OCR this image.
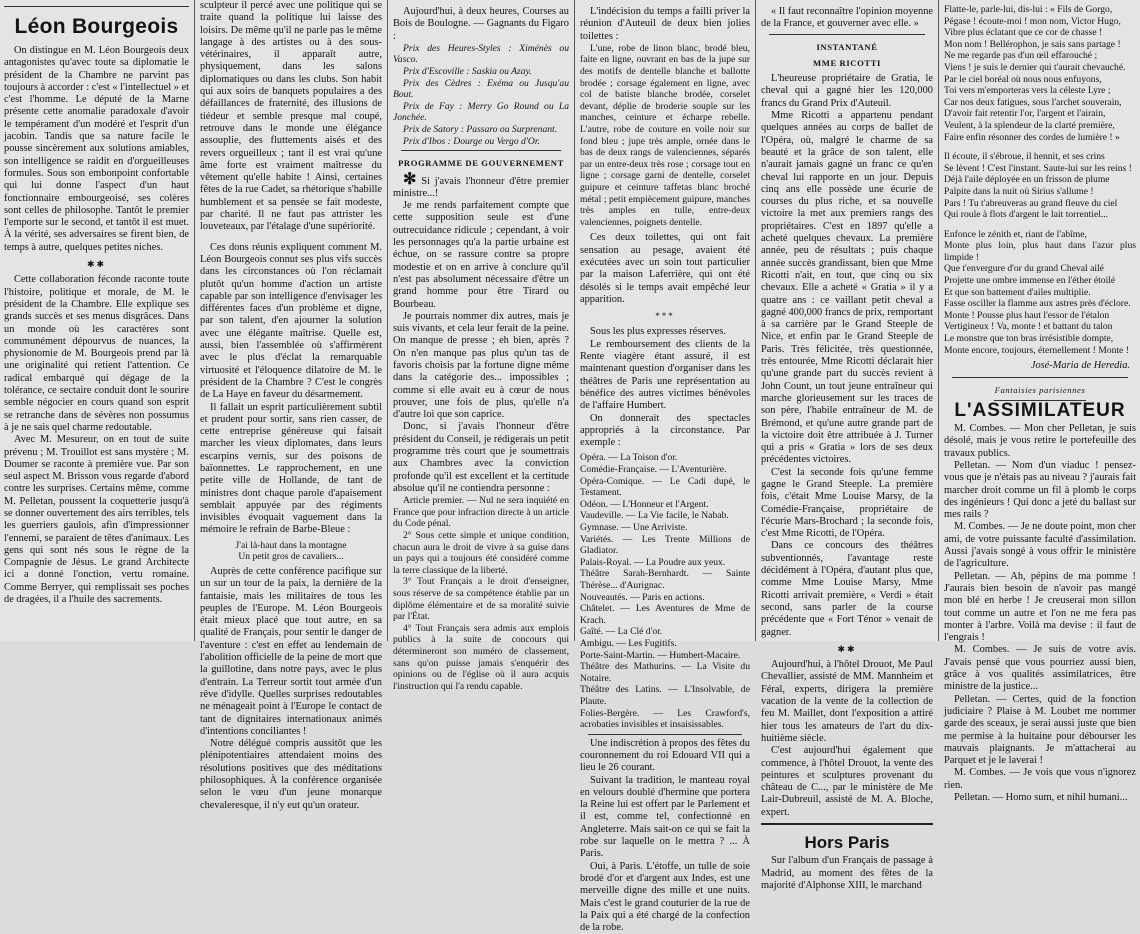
Léon Bourgeois

On distingue en M. Léon Bourgeois deux antagonistes qu'avec toute sa diplomatie le président de la Chambre ne parvint pas toujours à accorder : c'est « l'intellectuel » et c'est l'homme. Le député de la Marne présente cette anomalie paradoxale d'avoir le tempérament d'un modéré et l'esprit d'un jacobin. Tandis que sa nature facile le pousse sincèrement aux solutions amiables, son intelligence se raidit en d'orgueilleuses formules. Sous son embonpoint confortable qui lui donne l'aspect d'un haut fonctionnaire embourgeoisé, ses colères sont celles de philosophe. Tantôt le premier l'emporte sur le second, et tantôt il est muet. À la vérité, ses adversaires se firent bien, de temps à autre, quelques petites niches.

✱✱

Cette collaboration féconde raconte toute l'histoire, politique et morale, de M. le président de la Chambre. Elle explique ses grands succès et ses menus disgrâces. Dans un monde où les caractères sont communément dépourvus de nuances, la physionomie de M. Bourgeois prend par là une originalité qui retient l'attention. Ce radical embarqué qui dégage de la tolérance, ce sectaire conduit dont le sourire semble négocier en cours quand son esprit se retranche dans de sévères non possumus à je ne sais quel charme redoutable.

Avec M. Mesureur, on en tout de suite prévenu ; M. Trouillot est sans mystère ; M. Doumer se raconte à première vue. Par son seul aspect M. Brisson vous regarde d'abord contre les surprises. Certains même, comme M. Pelletan, poussent la coquetterie jusqu'à se donner ouvertement des airs terribles, tels les guerriers gaulois, afin d'impressionner l'ennemi, se paraient de têtes d'animaux. Les gens qui sont nés sous le règne de la Compagnie de Jésus. Le grand Architecte ici a donné l'onction, vertu romaine. Comme Berryer, qui remplissait ses poches de dragées, il a l'huile des sacrements.

sculpteur il percé avec une politique qui se traite quand la politique lui laisse des loisirs. De même qu'il ne parle pas le même langage à des artistes ou à des sous-vétérinaires, il apparaît autre, physiquement, dans les salons diplomatiques ou dans les clubs. Son habit qui aux soirs de banquets populaires a des défaillances de fraternité, des illusions de tiédeur et semble presque mal coupé, retrouve dans le monde une élégance assouplie, des fluttements aisés et des revers orgueilleux ; tant il est vrai qu'une âme forte est vraiment maîtresse du vêtement qu'elle habite ! Ainsi, certaines fêtes de la rue Cadet, sa rhétorique s'habille humblement et sa pensée se fait modeste, par charité. Il ne faut pas attrister les louveteaux, par l'étalage d'une supériorité.

Ces dons réunis expliquent comment M. Léon Bourgeois connut ses plus vifs succès dans les circonstances où l'on réclamait plutôt qu'un homme d'action un artiste capable par son intelligence d'envisager les différentes faces d'un problème et digne, par son talent, d'en ajourner la solution avec une élégante maîtrise. Quelle est, aussi, bien l'assemblée où s'affirmèrent avec le plus d'éclat la remarquable virtuosité et l'éloquence dilatoire de M. le président de la Chambre ? C'est le congrès de La Haye en faveur du désarmement.

Il fallait un esprit particulièrement subtil et prudent pour sortir, sans rien casser, de cette entreprise généreuse qui faisait marcher les vieux diplomates, dans leurs escarpins vernis, sur des poisons de baïonnettes. Le rapprochement, en une petite ville de Hollande, de tant de ministres dont chaque parole d'apaisement semblait appuyée par des régiments invisibles évoquait vaguement dans la mémoire le refrain de Barbe-Bleue :

J'ai là-haut dans la montagne
Un petit gros de cavaliers...

Auprès de cette conférence pacifique sur un sur un tour de la paix, la dernière de la fantaisie, mais les militaires de tous les peuples de l'Europe. M. Léon Bourgeois était mieux placé que tout autre, en sa qualité de Français, pour sentir le danger de l'aventure : c'est en effet au lendemain de l'abolition officielle de la peine de mort que la guillotine, dans notre pays, avec le plus d'entrain. La Terreur sortit tout armée d'un rêve d'idylle. Quelles surprises redoutables ne ménageait point à l'Europe le contact de tant de dignitaires internationaux animés d'intentions conciliantes !

Notre délégué compris aussitôt que les plénipotentiaires attendaient moins des résolutions positives que des méditations philosophiques. À la conférence organisée selon le vœu d'un jeune monarque chevaleresque, il n'y eut qu'un orateur.

Aujourd'hui, à deux heures, Courses au Bois de Boulogne. — Gagnants du Figaro :

Prix des Heures-Styles : Ximénès ou Vasco.

Prix d'Escoville : Saskia ou Azay.

Prix des Cèdres : Exéma ou Jusqu'au Bout.

Prix de Fay : Merry Go Round ou La Jonchée.

Prix de Satory : Passaro ou Surprenant.

Prix d'Ibos : Dourge ou Vergo d'Or.

PROGRAMME DE GOUVERNEMENT

✻ Si j'avais l'honneur d'être premier ministre...!

Je me rends parfaitement compte que cette supposition seule est d'une outrecuidance ridicule ; cependant, à voir les personnages qu'a la partie urbaine est échue, on se rassure contre sa propre modestie et on en arrive à conclure qu'il n'est pas absolument nécessaire d'être un grand homme pour être Tirard ou Bourbeau.

Je pourrais nommer dix autres, mais je suis vivants, et cela leur ferait de la peine. On manque de presse ; eh bien, après ? On n'en manque pas plus qu'un tas de favoris choisis par la fortune digne même dans la catégorie des... impossibles ; comme si elle avait eu à cœur de nous prouver, une fois de plus, qu'elle n'a d'autre loi que son caprice.

Donc, si j'avais l'honneur d'être président du Conseil, je rédigerais un petit programme très court que je soumettrais aux Chambres avec la conviction profonde qu'il est excellent et la certitude absolue qu'il ne contiendra personne :

Article premier. — Nul ne sera inquiété en France que pour infraction directe à un article du Code pénal.

2° Sous cette simple et unique condition, chacun aura le droit de vivre à sa guise dans un pays qui a toujours été considéré comme la terre classique de la liberté.

3° Tout Français a le droit d'enseigner, sous réserve de sa compétence établie par un diplôme élémentaire et de sa moralité suivie par l'État.

4° Tout Français sera admis aux emplois publics à la suite de concours qui détermineront son numéro de classement, sans qu'on puisse jamais s'enquérir des opinions ou de l'église où il aura acquis l'instruction qui l'a rendu capable.

L'indécision du temps a failli priver la réunion d'Auteuil de deux bien jolies toilettes :

L'une, robe de linon blanc, brodé bleu, faite en ligne, ouvrant en bas de la jupe sur des motifs de dentelle blanche et ballotte brodée ; corsage également en ligne, avec col de batiste blanche brodée, corselet devant, déplie de broderie souple sur les manches, ceinture et écharpe rebelle. L'autre, robe de couture en voile noir sur fond bleu ; jupe très ample, ornée dans le bas de deux rangs de valenciennes, séparés par un entre-deux très rose ; corsage tout en ligne ; corsage garni de dentelle, corselet guipure et ceinture taffetas blanc broché métal ; petit empiècement guipure, manches très amples en tulle, entre-deux valenciennes, poignets dentelle.

Ces deux toilettes, qui ont fait sensation au pesage, avaient été exécutées avec un soin tout particulier par la maison Laferrière, qui ont été désolés si le temps avait empêché leur apparition.

***

Sous les plus expresses réserves.

Le remboursement des clients de la Rente viagère étant assuré, il est maintenant question d'organiser dans les théâtres de Paris une représentation au bénéfice des autres victimes bénévoles de l'affaire Humbert.

On donnerait des spectacles appropriés à la circonstance. Par exemple :

Opéra. — La Toison d'or.
Comédie-Française. — L'Aventurière.
Opéra-Comique. — Le Cadi dupé, le Testament.
Odéon. — L'Honneur et l'Argent.
Vaudeville. — La Vie facile, le Nabab.
Gymnase. — Une Arriviste.
Variétés. — Les Trente Millions de Gladiator.
Palais-Royal. — La Poudre aux yeux.
Théâtre Sarah-Bernhardt. — Sainte Thérèse... d'Aurignac.
Nouveautés. — Paris en actions.
Châtelet. — Les Aventures de Mme de Krach.
Gaîté. — La Clé d'or.
Ambigu. — Les Fugitifs.
Porte-Saint-Martin. — Humbert-Macaire.
Théâtre des Mathurins. — La Visite du Notaire.
Théâtre des Latins. — L'Insolvable, de Plaute.
Folies-Bergère. — Les Crawford's, acrobaties invisibles et insaisissables.

Une indiscrétion à propos des fêtes du couronnement du roi Edouard VII qui a lieu le 26 courant.

Suivant la tradition, le manteau royal en velours doublé d'hermine que portera la Reine lui est offert par le Parlement et il est, comme tel, confectionné en Angleterre. Mais sait-on ce qui se fait la robe sur laquelle on le mettra ? ... À Paris.

Oui, à Paris. L'étoffe, un tulle de soie brodé d'or et d'argent aux Indes, est une merveille digne des mille et une nuits. Mais c'est le grand couturier de la rue de la Paix qui a été chargé de la confection de la robe.

« Il faut reconnaître l'opinion moyenne de la France, et gouverner avec elle. »

INSTANTANÉ
MME RICOTTI

L'heureuse propriétaire de Gratia, le cheval qui a gagné hier les 120,000 francs du Grand Prix d'Auteuil.

Mme Ricotti a appartenu pendant quelques années au corps de ballet de l'Opéra, où, malgré le charme de sa beauté et la grâce de son talent, elle n'aurait jamais gagné un franc ce qu'en cheval lui rapporte en un jour. Depuis cinq ans elle possède une écurie de courses du plus riche, et sa nouvelle victoire la met aux premiers rangs des propriétaires. C'est en 1897 qu'elle a acheté quelques chevaux. La première année, peu de résultats ; puis chaque année succès grandissant, bien que Mme Ricotti n'ait, en tout, que cinq ou six chevaux. Elle a acheté « Gratia » il y a quatre ans : ce vaillant petit cheval a gagné 400,000 francs de prix, remportant à sa carrière par le Grand Steeple de Nice, et enfin par le Grand Steeple de Paris. Très félicitée, très questionnée, très entourée, Mme Ricotti déclarait hier qu'une grande part du succès revient à John Count, un tout jeune entraîneur qui marche glorieusement sur les traces de son père, l'habile entraîneur de M. de Brémond, et qu'une autre grande part de la victoire doit être attribuée à J. Turner qui a pris « Gratia » lors de ses deux précédentes victoires.

C'est la seconde fois qu'une femme gagne le Grand Steeple. La première fois, c'était Mme Louise Marsy, de la Comédie-Française, propriétaire de l'écurie Mars-Brochard ; la seconde fois, c'est Mme Ricotti, de l'Opéra.

Dans ce concours des théâtres subventionnés, l'avantage reste décidément à l'Opéra, d'autant plus que, comme Mme Louise Marsy, Mme Ricotti arrivait première, « Verdi » était second, sans parler de la course précédente que « Fort Ténor » venait de gagner.

✱✱

Aujourd'hui, à l'hôtel Drouot, Me Paul Chevallier, assisté de MM. Mannheim et Féral, experts, dirigera la première vacation de la vente de la collection de feu M. Maillet, dont l'exposition a attiré hier tous les amateurs de l'art du dix-huitième siècle.

C'est aujourd'hui également que commence, à l'hôtel Drouot, la vente des peintures et sculptures provenant du château de C..., par le ministère de Me Lair-Dubreuil, assisté de M. A. Bloche, expert.

Hors Paris

Sur l'album d'un Français de passage à Madrid, au moment des fêtes de la majorité d'Alphonse XIII, le marchand

Flatte-le, parle-lui, dis-lui : « Fils de Gorgo,
Pégase ! écoute-moi ! mon nom, Victor Hugo,
Vibre plus éclatant que ce cor de chasse !
Mon nom ! Bellérophon, je sais sans partage !
Ne me regarde pas d'un œil effarouché ;
Viens ! je suis le dernier qui t'aurait chevauché.
Par le ciel boréal où nous nous enfuyons,
Toi vers m'emporteras vers la céleste Lyre ;
Car nos deux fatigues, sous l'archet souverain,
D'avoir fait retentir l'or, l'argent et l'airain,
Veulent, à la splendeur de la clarté première,
Faire enfin résonner des cordes de lumière ! »
Il écoute, il s'ébroue, il hennit, et ses crins
Se lèvent ! C'est l'instant. Saute-lui sur les reins !
Déjà l'aile déployée en un frisson de plume
Palpite dans la nuit où Sirius s'allume !
Pars ! Tu t'abreuveras au grand fleuve du ciel
Qui roule à flots d'argent le lait torrentiel...
Enfonce le zénith et, riant de l'abîme,
Monte plus loin, plus haut dans l'azur plus limpide !
Que t'envergure d'or du grand Cheval ailé
Projette une ombre immense en l'éther étoilé
Et que son battement d'ailes multiplie.
Fasse osciller la flamme aux astres près d'éclore.
Monte ! Pousse plus haut l'essor de l'étalon
Vertigineux ! Va, monte ! et battant du talon
Le monstre que ton bras irrésistible dompte,
Monte encore, toujours, éternellement ! Monte !
José-Maria de Heredia.
Fantaisies parisiennes
L'ASSIMILATEUR

M. Combes. — Mon cher Pelletan, je suis désolé, mais je vous retire le portefeuille des travaux publics.

Pelletan. — Nom d'un viaduc ! pensez-vous que je n'étais pas au niveau ? j'aurais fait marcher droit comme un fil à plomb le corps des ingénieurs ! Qui donc a jeté du ballast sur mes rails ?

M. Combes. — Je ne doute point, mon cher ami, de votre puissante faculté d'assimilation. Aussi j'avais songé à vous offrir le ministère de l'agriculture.

Pelletan. — Ah, pépins de ma pomme ! J'aurais bien besoin de n'avoir pas mangé mon blé en herbe ! Je creuserai mon sillon tout comme un autre et l'on ne me fera pas monter à l'arbre. Voilà ma devise : il faut de l'engrais !

M. Combes. — Je suis de votre avis. J'avais pensé que vous pourriez aussi bien, grâce à vos qualités assimilatrices, être ministre de la justice...

Pelletan. — Certes, quid de la fonction judiciaire ? Plaise à M. Loubet me nommer garde des sceaux, je serai aussi juste que bien me permise à la huitaine pour débourser les mauvais plaignants. Je m'attacherai au Parquet et je le laverai !

M. Combes. — Je vois que vous n'ignorez rien.

Pelletan. — Homo sum, et nihil humani...
